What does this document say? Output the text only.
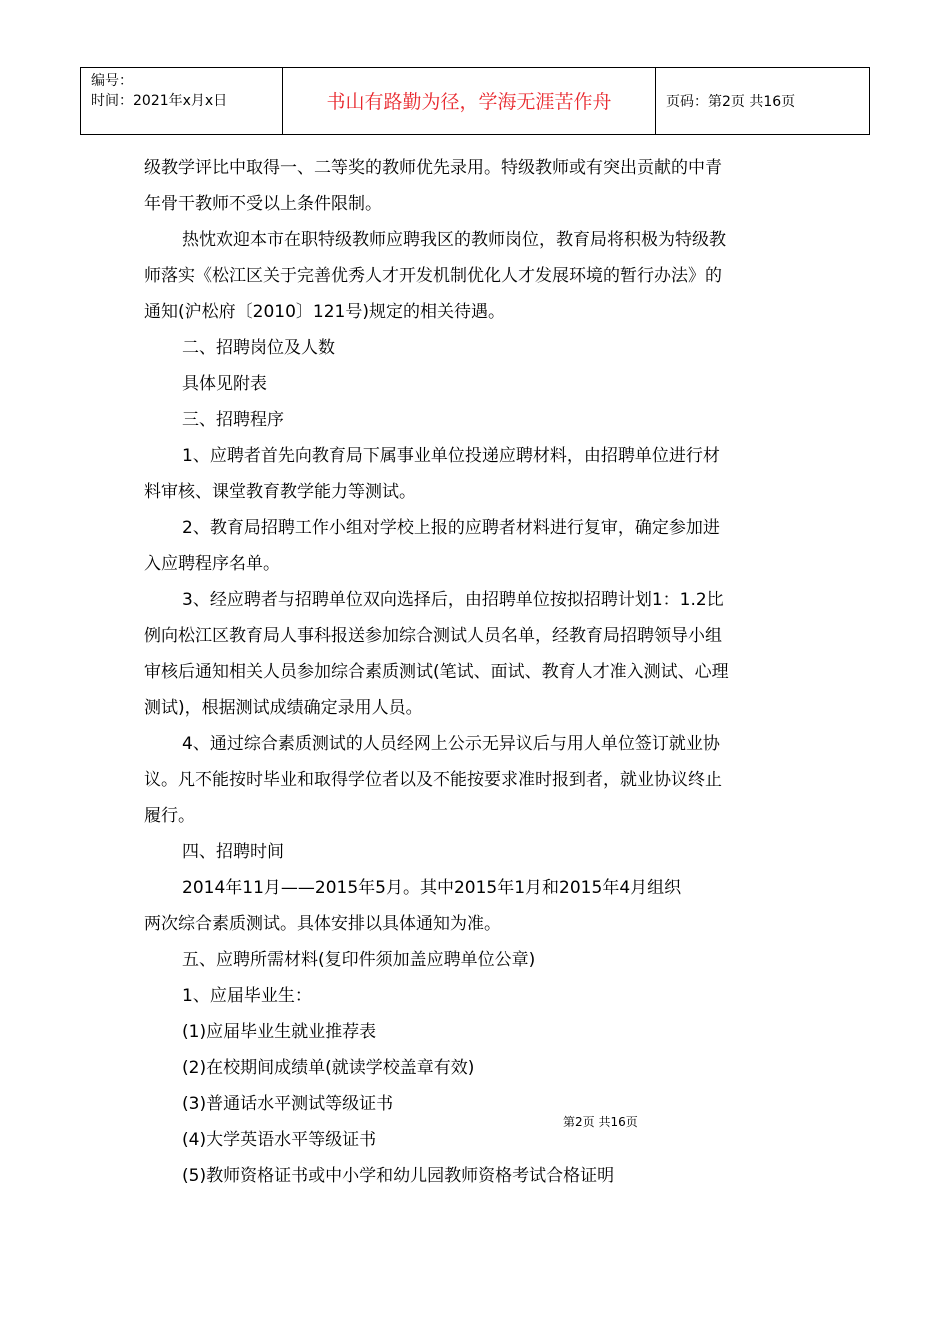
编号：
时间：2021年x月x日	书山有路勤为径，学海无涯苦作舟	页码：第2页 共16页

级教学评比中取得一、二等奖的教师优先录用。特级教师或有突出贡献的中青

年骨干教师不受以上条件限制。

热忱欢迎本市在职特级教师应聘我区的教师岗位，教育局将积极为特级教

师落实《松江区关于完善优秀人才开发机制优化人才发展环境的暂行办法》的

通知(沪松府〔2010〕121号)规定的相关待遇。

二、招聘岗位及人数

具体见附表

三、招聘程序

1、应聘者首先向教育局下属事业单位投递应聘材料，由招聘单位进行材

料审核、课堂教育教学能力等测试。

2、教育局招聘工作小组对学校上报的应聘者材料进行复审，确定参加进

入应聘程序名单。

3、经应聘者与招聘单位双向选择后，由招聘单位按拟招聘计划1：1.2比

例向松江区教育局人事科报送参加综合测试人员名单，经教育局招聘领导小组

审核后通知相关人员参加综合素质测试(笔试、面试、教育人才准入测试、心理

测试)，根据测试成绩确定录用人员。

4、通过综合素质测试的人员经网上公示无异议后与用人单位签订就业协

议。凡不能按时毕业和取得学位者以及不能按要求准时报到者，就业协议终止

履行。

四、招聘时间

2014年11月——2015年5月。其中2015年1月和2015年4月组织

两次综合素质测试。具体安排以具体通知为准。

五、应聘所需材料(复印件须加盖应聘单位公章)

1、应届毕业生：

(1)应届毕业生就业推荐表

(2)在校期间成绩单(就读学校盖章有效)

(3)普通话水平测试等级证书

(4)大学英语水平等级证书

(5)教师资格证书或中小学和幼儿园教师资格考试合格证明

第2页 共16页
